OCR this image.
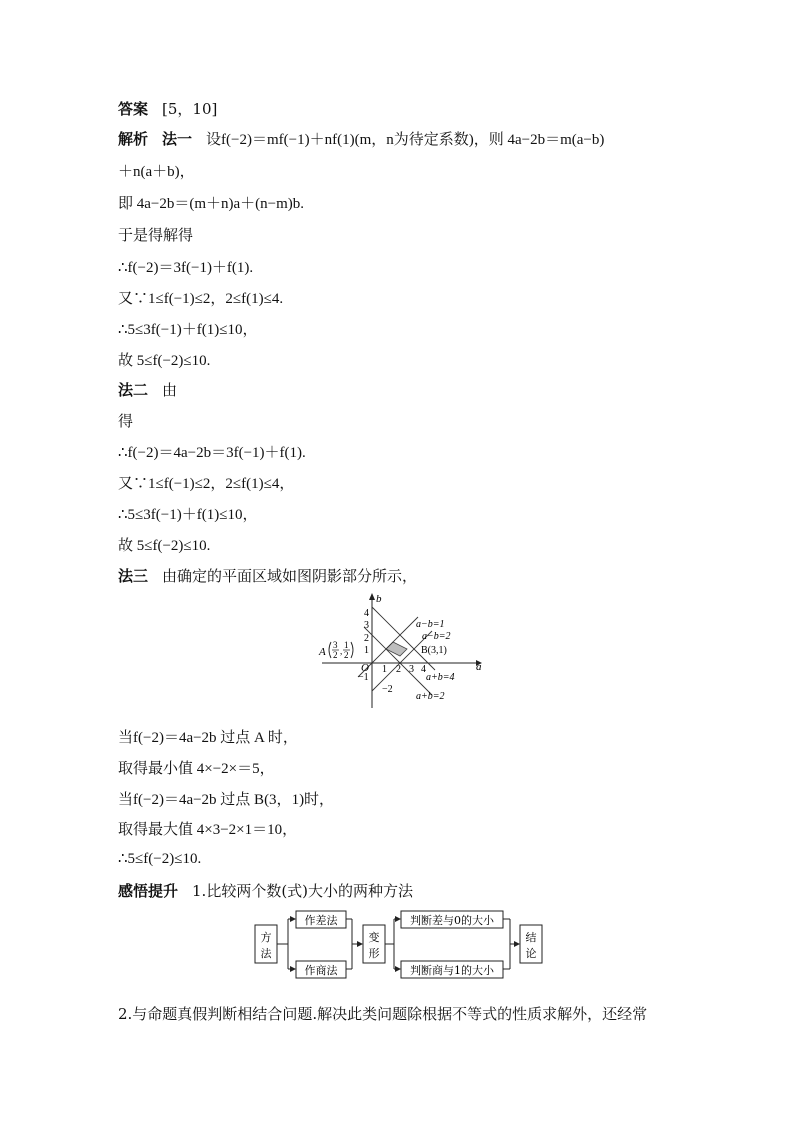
答案 [5，10]
解析 法一 设f(−2)＝mf(−1)＋nf(1)(m，n为待定系数)，则 4a−2b＝m(a−b)
＋n(a＋b)，
即 4a−2b＝(m＋n)a＋(n−m)b.
于是得解得
∴f(−2)＝3f(−1)＋f(1).
又∵1≤f(−1)≤2，2≤f(1)≤4.
∴5≤3f(−1)＋f(1)≤10，
故 5≤f(−2)≤10.
法二 由
得
∴f(−2)＝4a−2b＝3f(−1)＋f(1).
又∵1≤f(−1)≤2，2≤f(1)≤4，
∴5≤3f(−1)＋f(1)≤10，
故 5≤f(−2)≤10.
法三 由确定的平面区域如图阴影部分所示，
b
a
O
4
3
2
1
−1
−2
1 2 3 4
A
3
2 ,
1
2	B(3,1)
a−b=1
a−b=2
a+b=4
a+b=2
当f(−2)＝4a−2b 过点 A 时，
取得最小值 4×−2×＝5，
当f(−2)＝4a−2b 过点 B(3，1)时，
取得最大值 4×3−2×1＝10，
∴5≤f(−2)≤10.
感悟提升 1.比较两个数(式)大小的两种方法
方
法
作差法
作商法
变
形
判断差与0的大小
判断商与1的大小
结
论
2.与命题真假判断相结合问题.解决此类问题除根据不等式的性质求解外，还经常
